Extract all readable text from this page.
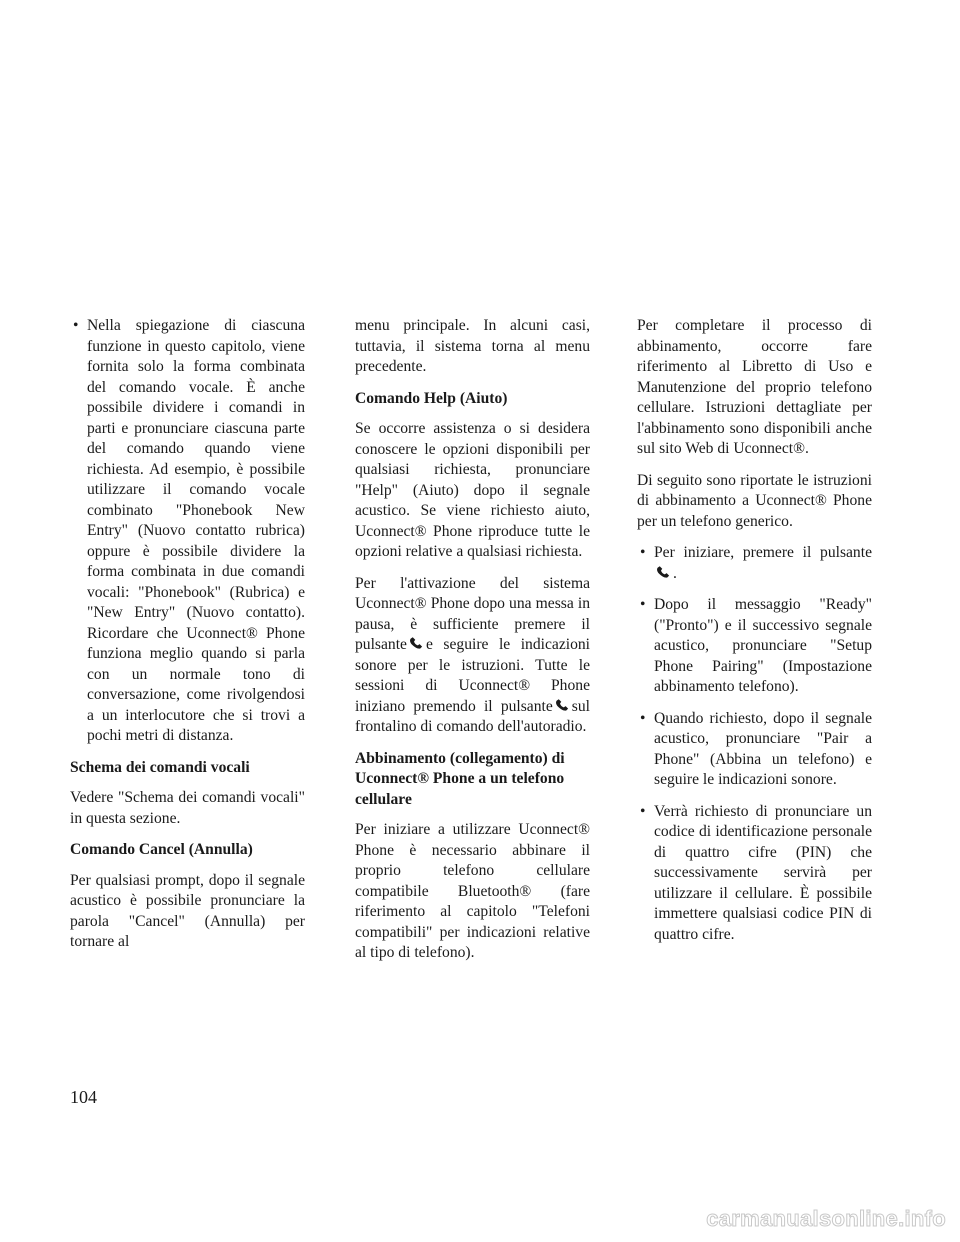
• Nella spiegazione di ciascuna funzione in questo capitolo, viene fornita solo la forma combinata del comando vocale. È anche possibile dividere i comandi in parti e pronunciare ciascuna parte del comando quando viene richiesta. Ad esempio, è possibile utilizzare il comando vocale combinato "Phonebook New Entry" (Nuovo contatto rubrica) oppure è possibile dividere la forma combinata in due comandi vocali: "Phonebook" (Rubrica) e "New Entry" (Nuovo contatto). Ricordare che Uconnect® Phone funziona meglio quando si parla con un normale tono di conversazione, come rivolgendosi a un interlocutore che si trovi a pochi metri di distanza.
Schema dei comandi vocali

Vedere "Schema dei comandi vocali" in questa sezione.

Comando Cancel (Annulla)

Per qualsiasi prompt, dopo il segnale acustico è possibile pronunciare la parola "Cancel" (Annulla) per tornare al

menu principale. In alcuni casi, tuttavia, il sistema torna al menu precedente.

Comando Help (Aiuto)

Se occorre assistenza o si desidera conoscere le opzioni disponibili per qualsiasi richiesta, pronunciare "Help" (Aiuto) dopo il segnale acustico. Se viene richiesto aiuto, Uconnect® Phone riproduce tutte le opzioni relative a qualsiasi richiesta.

Per l'attivazione del sistema Uconnect® Phone dopo una messa in pausa, è sufficiente premere il pulsante e seguire le indicazioni sonore per le istruzioni. Tutte le sessioni di Uconnect® Phone iniziano premendo il pulsante sul frontalino di comando dell'autoradio.

Abbinamento (collegamento) di Uconnect® Phone a un telefono cellulare

Per iniziare a utilizzare Uconnect® Phone è necessario abbinare il proprio telefono cellulare compatibile Bluetooth® (fare riferimento al capitolo "Telefoni compatibili" per indicazioni relative al tipo di telefono).

Per completare il processo di abbinamento, occorre fare riferimento al Libretto di Uso e Manutenzione del proprio telefono cellulare. Istruzioni dettagliate per l'abbinamento sono disponibili anche sul sito Web di Uconnect®.

Di seguito sono riportate le istruzioni di abbinamento a Uconnect® Phone per un telefono generico.

• Per iniziare, premere il pulsante .
• Dopo il messaggio "Ready" ("Pronto") e il successivo segnale acustico, pronunciare "Setup Phone Pairing" (Impostazione abbinamento telefono).
• Quando richiesto, dopo il segnale acustico, pronunciare "Pair a Phone" (Abbina un telefono) e seguire le indicazioni sonore.
• Verrà richiesto di pronunciare un codice di identificazione personale di quattro cifre (PIN) che successivamente servirà per utilizzare il cellulare. È possibile immettere qualsiasi codice PIN di quattro cifre.
104
carmanualsonline.info
